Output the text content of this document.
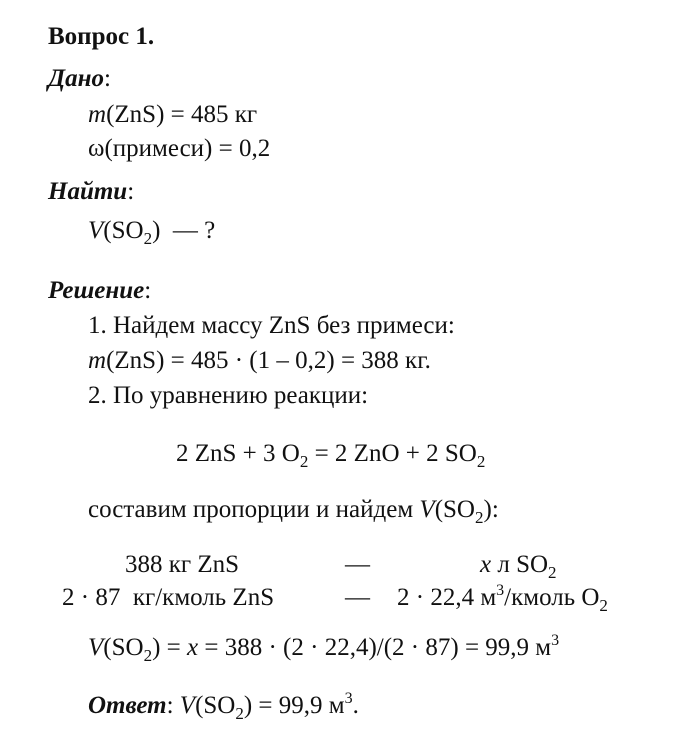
Вопрос 1.
Дано:
m(ZnS) = 485 кг
ω(примеси) = 0,2
Найти:
$V(SO_2)$  — ?
Решение:
1. Найдем массу ZnS без примеси:
m(ZnS) = 485 · (1 – 0,2) = 388 кг.
2. По уравнению реакции:
2 ZnS + 3 $O_2 = 2$ ZnO + 2 $SO_2$
составим пропорции и найдем $V(SO_2)$:
388 кг ZnS	—	x л $SO_2$
2 · 87  кг/кмоль ZnS	— 2 · 22,4 $м^3$/кмоль $O_2$
$V(SO_2) = x = 388 \cdot (2 \cdot 22,4)/(2 \cdot 87) = 99,9$ $м^3$
Ответ: $V(SO_2) = 99,9$ $м^3$.
